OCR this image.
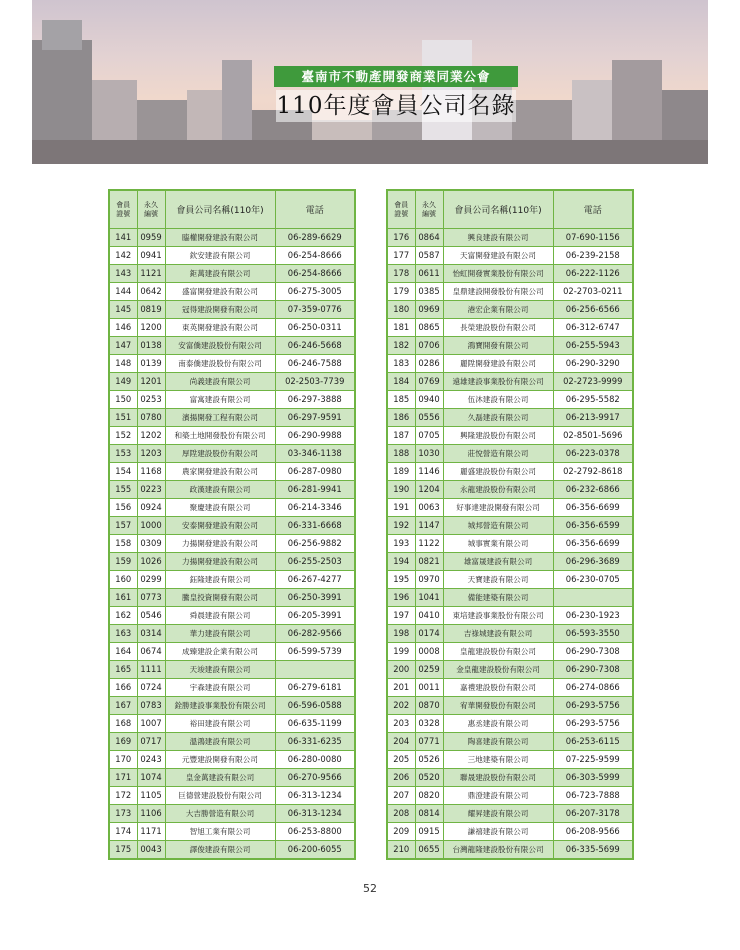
臺南市不動產開發商業同業公會
110年度會員公司名錄
會員
證號	永久
編號	會員公司名稱(110年)	電話
141	0959	臨權開發建設有限公司	06-289-6629
142	0941	欽安建設有限公司	06-254-8666
143	1121	鉅萬建設有限公司	06-254-8666
144	0642	盛富開發建設有限公司	06-275-3005
145	0819	冠得建設開發有限公司	07-359-0776
146	1200	東英開發建設有限公司	06-250-0311
147	0138	安富僑建設股份有限公司	06-246-5668
148	0139	南泰僑建設股份有限公司	06-246-7588
149	1201	尚義建設有限公司	02-2503-7739
150	0253	富寓建設有限公司	06-297-3888
151	0780	濱揚開發工程有限公司	06-297-9591
152	1202	和築土地開發股份有限公司	06-290-9988
153	1203	厚陞建設股份有限公司	03-346-1138
154	1168	農家開發建設有限公司	06-287-0980
155	0223	政漢建設有限公司	06-281-9941
156	0924	聚慶建設有限公司	06-214-3346
157	1000	安泰開發建設有限公司	06-331-6668
158	0309	力揚開發建設有限公司	06-256-9882
159	1026	力揚開發建設有限公司	06-255-2503
160	0299	鈺隆建設有限公司	06-267-4277
161	0773	騰皇投資開發有限公司	06-250-3991
162	0546	舜晨建設有限公司	06-205-3991
163	0314	華力建設有限公司	06-282-9566
164	0674	成臻建設企業有限公司	06-599-5739
165	1111	天竣建設有限公司	
166	0724	宇森建設有限公司	06-279-6181
167	0783	銓勝建設事業股份有限公司	06-596-0588
168	1007	裕田建設有限公司	06-635-1199
169	0717	溫鴻建設有限公司	06-331-6235
170	0243	元豐建設開發有限公司	06-280-0080
171	1074	皇金萬建設有限公司	06-270-9566
172	1105	巨德營建設股份有限公司	06-313-1234
173	1106	大吉勝營造有限公司	06-313-1234
174	1171	智旭工業有限公司	06-253-8800
175	0043	譯俊建設有限公司	06-200-6055
會員
證號	永久
編號	會員公司名稱(110年)	電話
176	0864	興良建設有限公司	07-690-1156
177	0587	天富開發建設有限公司	06-239-2158
178	0611	怡虹開發實業股份有限公司	06-222-1126
179	0385	皇鼎建設開發股份有限公司	02-2703-0211
180	0969	港宏企業有限公司	06-256-6566
181	0865	長榮建設股份有限公司	06-312-6747
182	0706	鴻寶開發有限公司	06-255-5943
183	0286	麗陞開發建設有限公司	06-290-3290
184	0769	遠雄建設事業股份有限公司	02-2723-9999
185	0940	伍沐建設有限公司	06-295-5582
186	0556	久磊建設有限公司	06-213-9917
187	0705	興隆建設股份有限公司	02-8501-5696
188	1030	莊悅營造有限公司	06-223-0378
189	1146	麗盛建設股份有限公司	02-2792-8618
190	1204	永龍建設股份有限公司	06-232-6866
191	0063	好事達建設開發有限公司	06-356-6699
192	1147	城邦營造有限公司	06-356-6599
193	1122	城事實業有限公司	06-356-6699
194	0821	雄富晟建設有限公司	06-296-3689
195	0970	天寶建設有限公司	06-230-0705
196	1041	備能建築有限公司	
197	0410	東培建設事業股份有限公司	06-230-1923
198	0174	吉祿城建設有限公司	06-593-3550
199	0008	皇龍建設股份有限公司	06-290-7308
200	0259	金皇龍建設股份有限公司	06-290-7308
201	0011	嘉禮建設股份有限公司	06-274-0866
202	0870	宥華開發股份有限公司	06-293-5756
203	0328	惠丞建設有限公司	06-293-5756
204	0771	陶喜建設有限公司	06-253-6115
205	0526	三地建築有限公司	07-225-9599
206	0520	聯晟建設股份有限公司	06-303-5999
207	0820	鼎澄建設有限公司	06-723-7888
208	0814	耀昇建設有限公司	06-207-3178
209	0915	謙禧建設有限公司	06-208-9566
210	0655	台灣龍隆建設股份有限公司	06-335-5699
52
